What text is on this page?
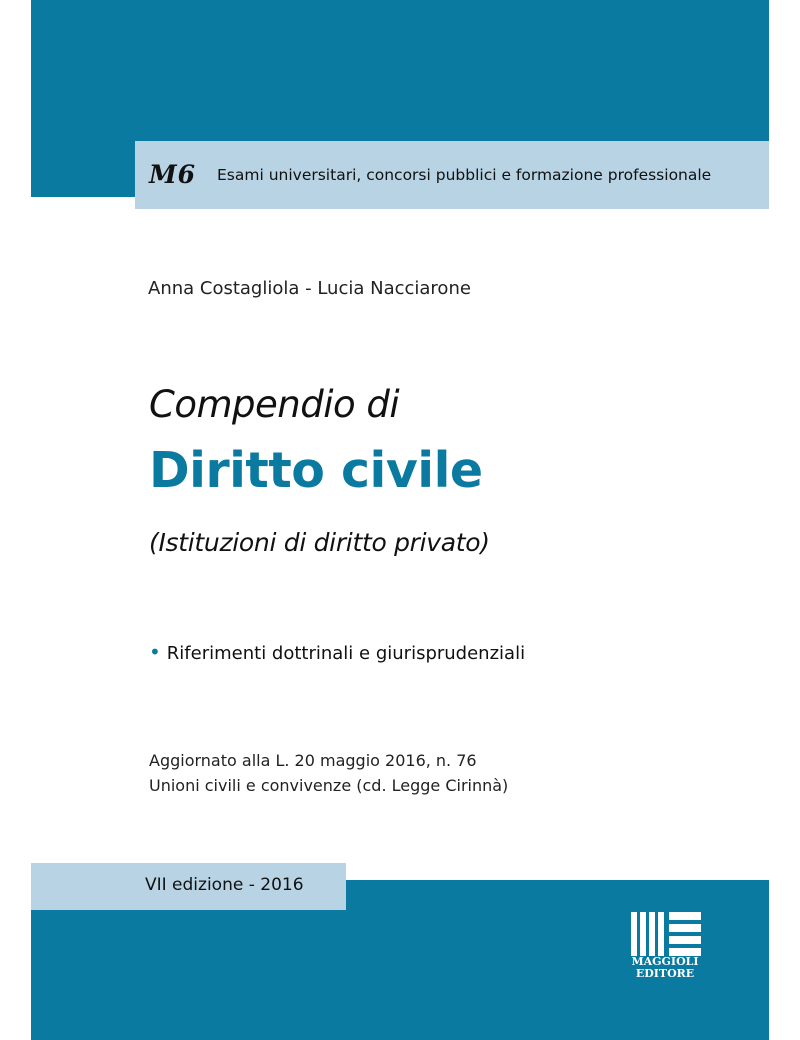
M6 Esami universitari, concorsi pubblici e formazione professionale
Anna Costagliola - Lucia Nacciarone
Compendio di
Diritto civile
(Istituzioni di diritto privato)
• Riferimenti dottrinali e giurisprudenziali
Aggiornato alla L. 20 maggio 2016, n. 76
Unioni civili e convivenze (cd. Legge Cirinnà)
VII edizione - 2016
MAGGIOLI
EDITORE
